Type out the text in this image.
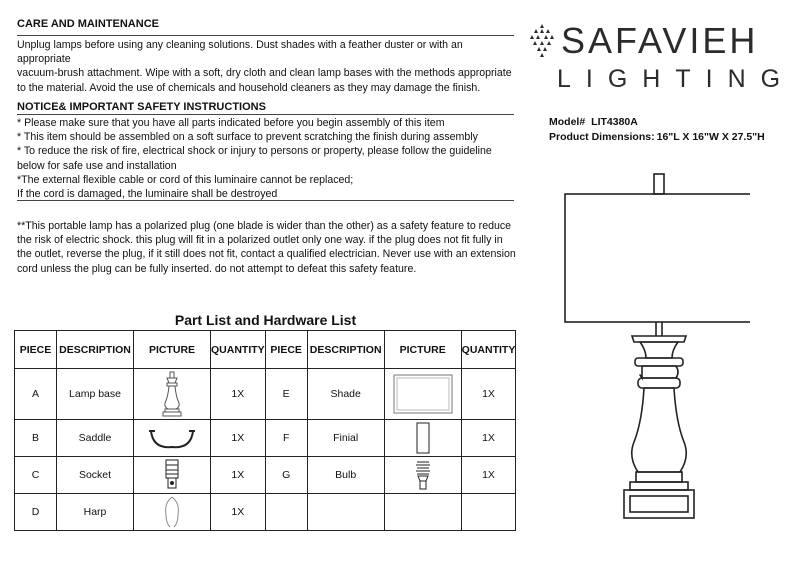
CARE AND MAINTENANCE

Unplug lamps before using any cleaning solutions. Dust shades with a feather duster or with an appropriate

vacuum-brush attachment. Wipe with a soft, dry cloth and clean lamp bases with the methods appropriate

to the material. Avoid the use of chemicals and household cleaners as they may damage the finish.

NOTICE& IMPORTANT SAFETY INSTRUCTIONS

* Please make sure that you have all parts indicated before you begin assembly of this item

* This item should be assembled on a soft surface to prevent scratching the finish during assembly

* To reduce the risk of fire, electrical shock or injury to persons or property, please follow the guideline

below for safe use and installation

*The external flexible cable or cord of this luminaire cannot be replaced;

If the cord is damaged, the luminaire shall be destroyed

**This portable lamp has a polarized plug (one blade is wider than the other) as a safety feature to reduce

the risk of electric shock. this plug will fit in a polarized outlet only one way. if the plug does not fit fully in

the outlet, reverse the plug, if it still does not fit, contact a qualified electrician. Never use with an extension

cord unless the plug can be fully inserted. do not attempt to defeat this safety feature.

SAFAVIEH
LIGHTING
Model# LIT4380A
Product Dimensions: 16"L X 16"W X 27.5"H
Part List and Hardware List
PIECE	DESCRIPTION	PICTURE	QUANTITY	PIECE	DESCRIPTION	PICTURE	QUANTITY
A	Lamp base		1X	E	Shade		1X
B	Saddle		1X	F	Finial		1X
C	Socket		1X	G	Bulb		1X
D	Harp		1X				
